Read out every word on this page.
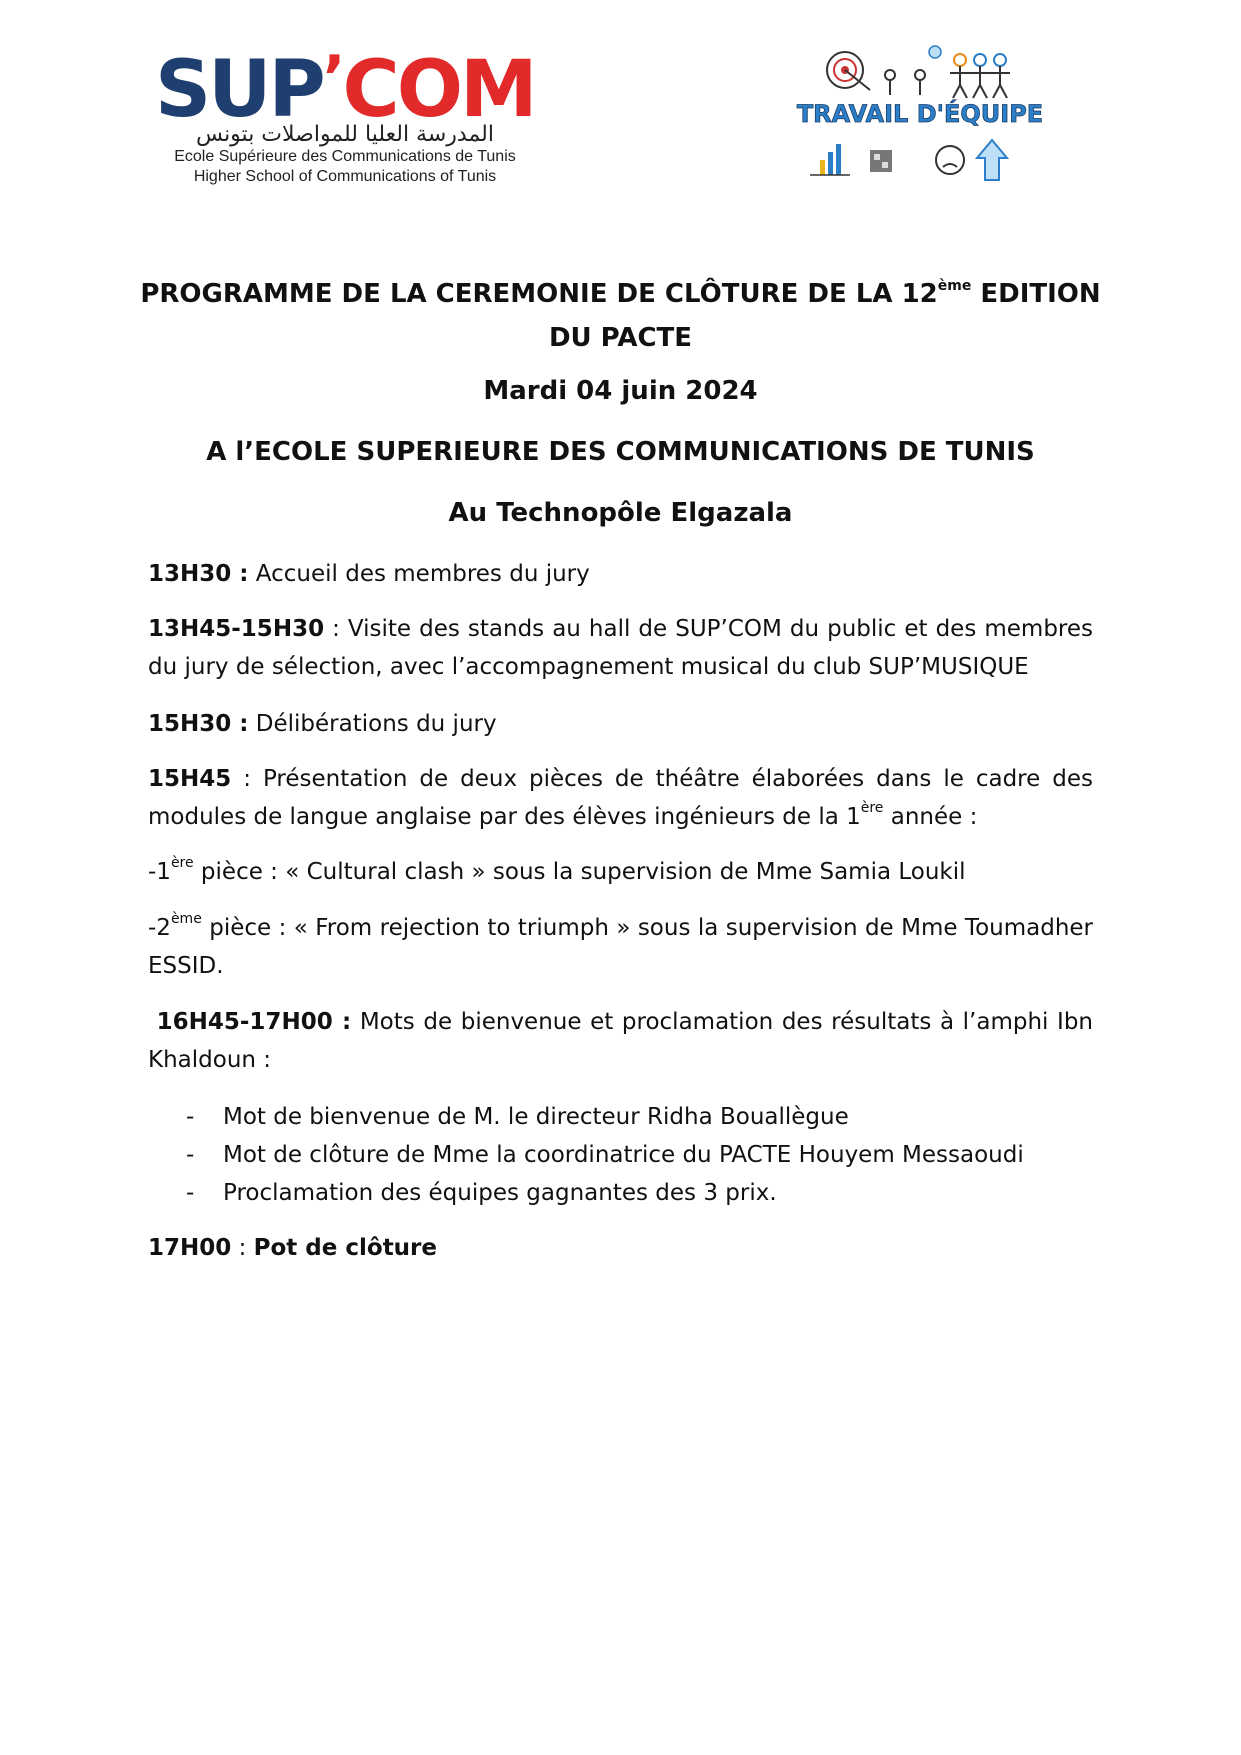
SUP’COM
المدرسة العليا للمواصلات بتونس
Ecole Supérieure des Communications de Tunis
Higher School of Communications of Tunis
TRAVAIL D'ÉQUIPE
PROGRAMME DE LA CEREMONIE DE CLÔTURE DE LA 12ème EDITION DU PACTE
Mardi 04 juin 2024
A l’ECOLE SUPERIEURE DES COMMUNICATIONS DE TUNIS
Au Technopôle Elgazala
13H30 : Accueil des membres du jury
13H45-15H30 : Visite des stands au hall de SUP’COM du public et des membres du jury de sélection, avec l’accompagnement musical du club SUP’MUSIQUE
15H30 : Délibérations du jury
15H45 : Présentation de deux pièces de théâtre élaborées dans le cadre des modules de langue anglaise par des élèves ingénieurs de la 1ère année :
-1ère pièce : « Cultural clash » sous la supervision de Mme Samia Loukil
-2ème pièce : « From rejection to triumph » sous la supervision de Mme Toumadher ESSID.
16H45-17H00 : Mots de bienvenue et proclamation des résultats à l’amphi Ibn Khaldoun :
- Mot de bienvenue de M. le directeur Ridha Bouallègue
- Mot de clôture de Mme la coordinatrice du PACTE Houyem Messaoudi
- Proclamation des équipes gagnantes des 3 prix.
17H00 : Pot de clôture
